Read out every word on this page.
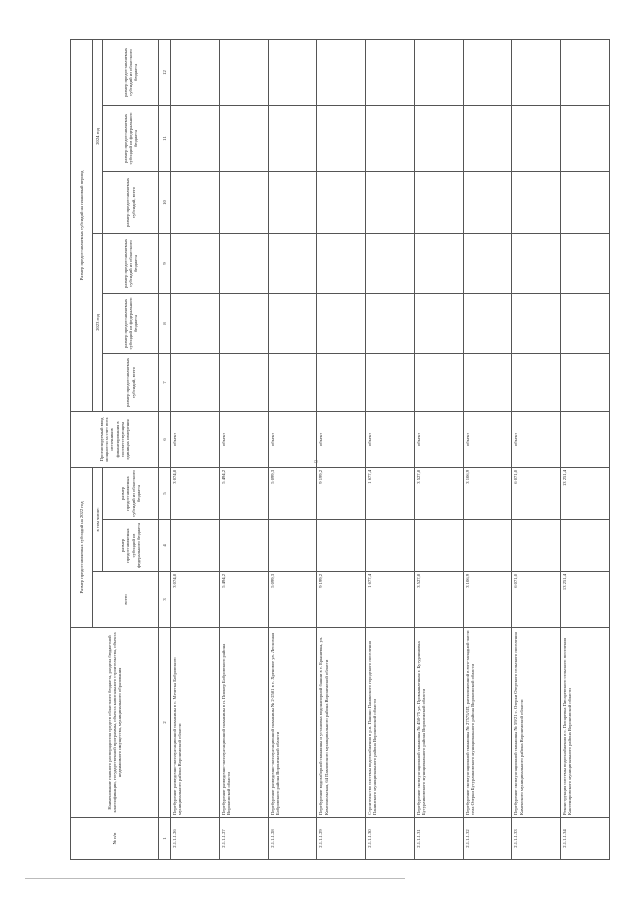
9
№ п/п	Наименование главного распорядителя средств областного бюджета, раздела бюджетной классификации, государственной программы, объекта капитального строительства, объекта недвижимого имущества, муниципального образования	Размер предоставляемых субсидий на 2022 год			Прогнозируемый ввод мощности за счет всех источников финансирования в соответствующем единицах измерения	Размер предоставляемых субсидий на плановый период					
		всего	в том числе:			2023 год			2024 год		
			размер предоставляемых субсидий из федерального бюджета	размер предоставляемых субсидий из областного бюджета		размер предоставляемых субсидий, всего	размер предоставляемых субсидий из федерального бюджета	размер предоставляемых субсидий из областного бюджета	размер предоставляемых субсидий, всего	размер предоставляемых субсидий из федерального бюджета	размер предоставляемых субсидий из областного бюджета

1	2	3	4	5	6	7	8	9	10	11	12
2.1.1.1.26	Перебурение разведочно-эксплуатационной скважины в с. Мечетка Бобровского муниципального района Воронежской области	3 074,8		3 074,8	объект						
2.1.1.1.27	Перебурение разведочно-эксплуатационной скважины в п. Пионер Бобровского района Воронежской области	5 494,2		5 494,2	объект						
2.1.1.1.28	Перебурение разведочно-эксплуатационной скважины № 2-2581 в с. Хреновое ул. Лесхозная Бобровского района Воронежской области	5 099,3		5 099,3	объект						
2.1.1.1.29	Перебурение водозаборной скважины и установка водонапорной башни в с. Ерышевка, ул. Комсомольская, 64 Павловского муниципального района Воронежской области	9 199,2		9 199,2	объект						
2.1.1.1.30	Строительство системы водоснабжения в р.п. Панино Панинского городского поселения Панинского муниципального района Воронежской области	1 677,4		1 677,4	объект						
2.1.1.1.31	Перебурение эксплуатационной скважины № 458-75 ул. Промышленная г. Бутурлиновка Бутурлиновского муниципального района Воронежской области	3 527,8		3 527,8	объект						
2.1.1.1.32	Перебурение эксплуатационной скважины № 27575/1П, расположенной в юго-западной части села Озерки Бутурлиновского муниципального района Воронежской области	3 106,9		3 106,9	объект						
2.1.1.1.33	Перебурение эксплуатационной скважины № 59/21 с. Озерки Озерского сельского поселения Каменского муниципального района Воронежской области	6 071,0		6 071,0	объект						
2.1.1.1.34	Реконструкция системы водоснабжения в с. Писаревка Писаревского сельского поселения Кантемировского муниципального района Воронежской области	13 251,4		13 251,4							
